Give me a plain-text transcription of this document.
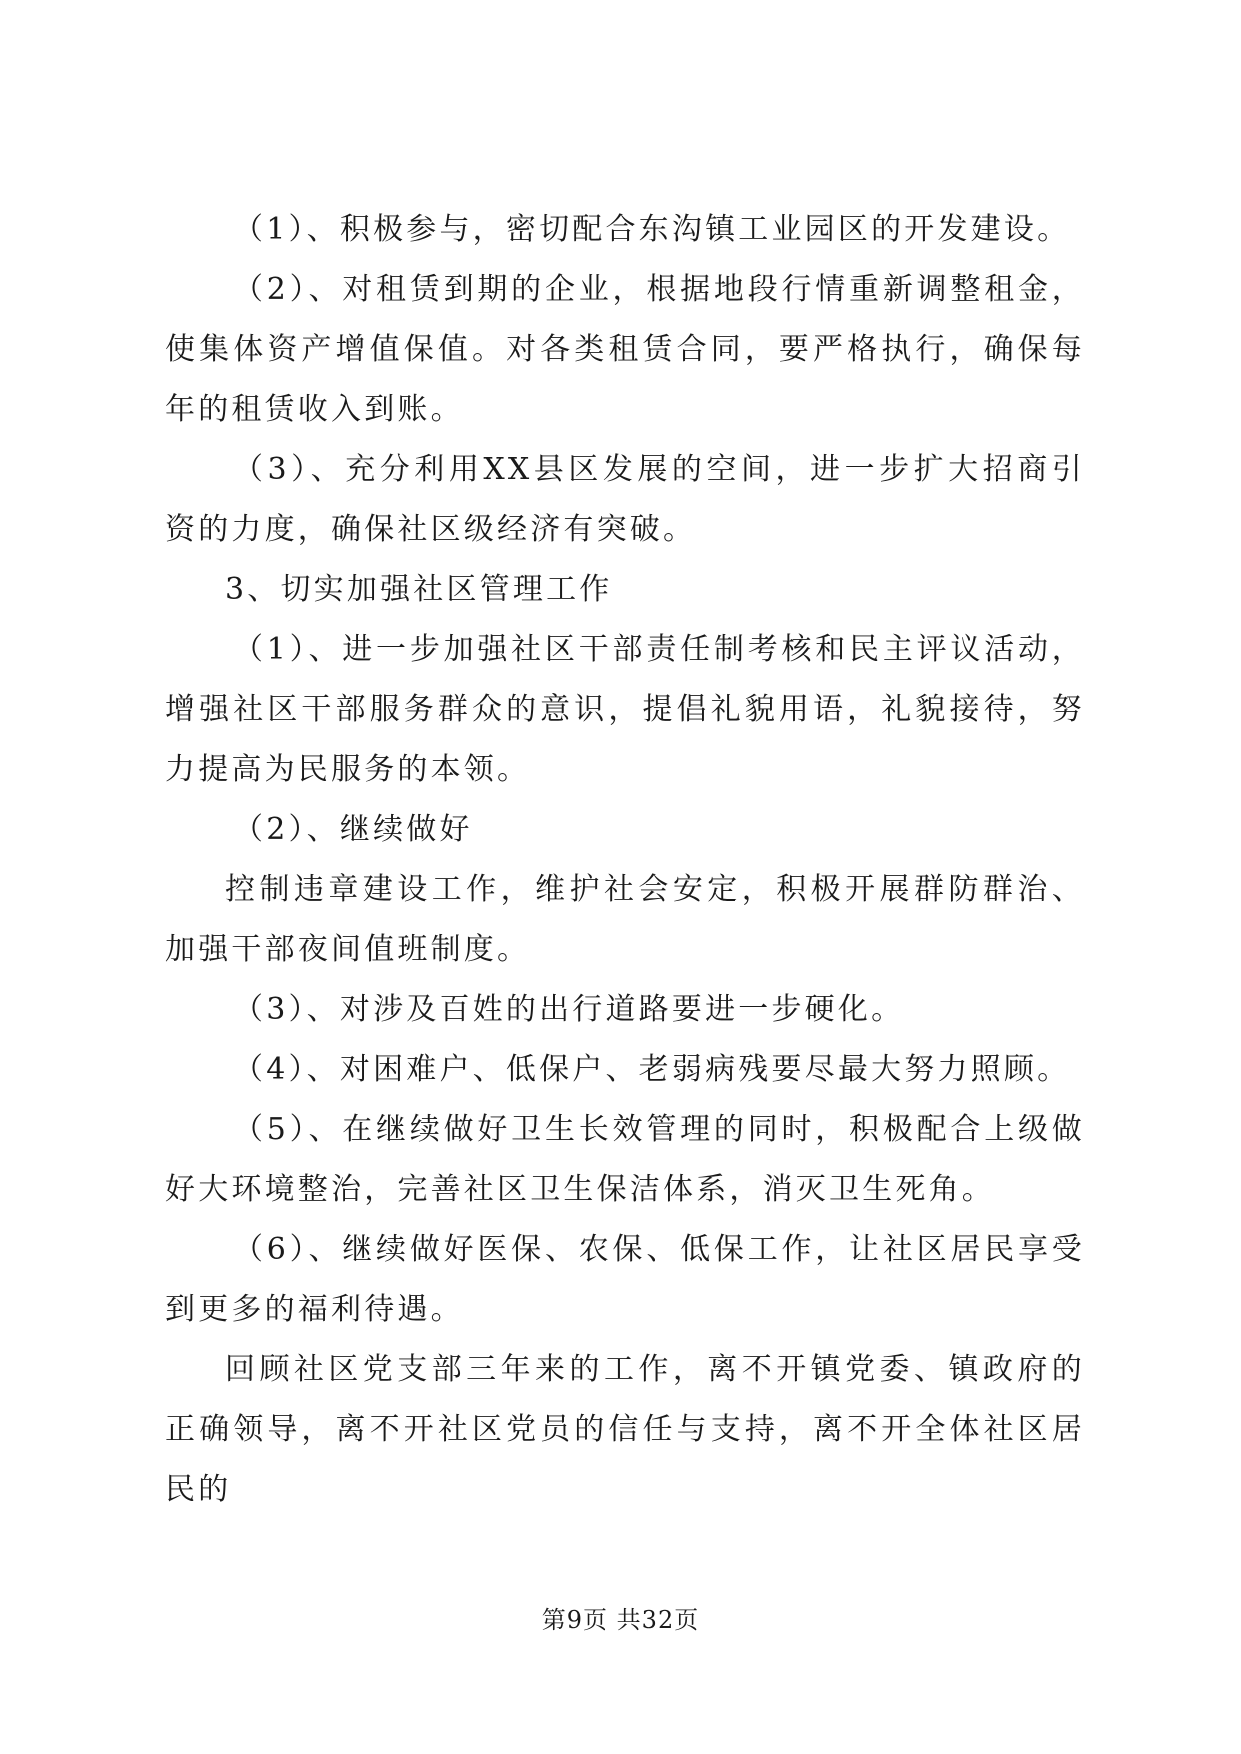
（1）、积极参与，密切配合东沟镇工业园区的开发建设。

（2）、对租赁到期的企业，根据地段行情重新调整租金，使集体资产增值保值。对各类租赁合同，要严格执行，确保每年的租赁收入到账。

（3）、充分利用XX县区发展的空间，进一步扩大招商引资的力度，确保社区级经济有突破。

3、切实加强社区管理工作

（1）、进一步加强社区干部责任制考核和民主评议活动，增强社区干部服务群众的意识，提倡礼貌用语，礼貌接待，努力提高为民服务的本领。

（2）、继续做好

控制违章建设工作，维护社会安定，积极开展群防群治、加强干部夜间值班制度。

（3）、对涉及百姓的出行道路要进一步硬化。

（4）、对困难户、低保户、老弱病残要尽最大努力照顾。

（5）、在继续做好卫生长效管理的同时，积极配合上级做好大环境整治，完善社区卫生保洁体系，消灭卫生死角。

（6）、继续做好医保、农保、低保工作，让社区居民享受到更多的福利待遇。

回顾社区党支部三年来的工作，离不开镇党委、镇政府的正确领导，离不开社区党员的信任与支持，离不开全体社区居民的

第9页 共32页
